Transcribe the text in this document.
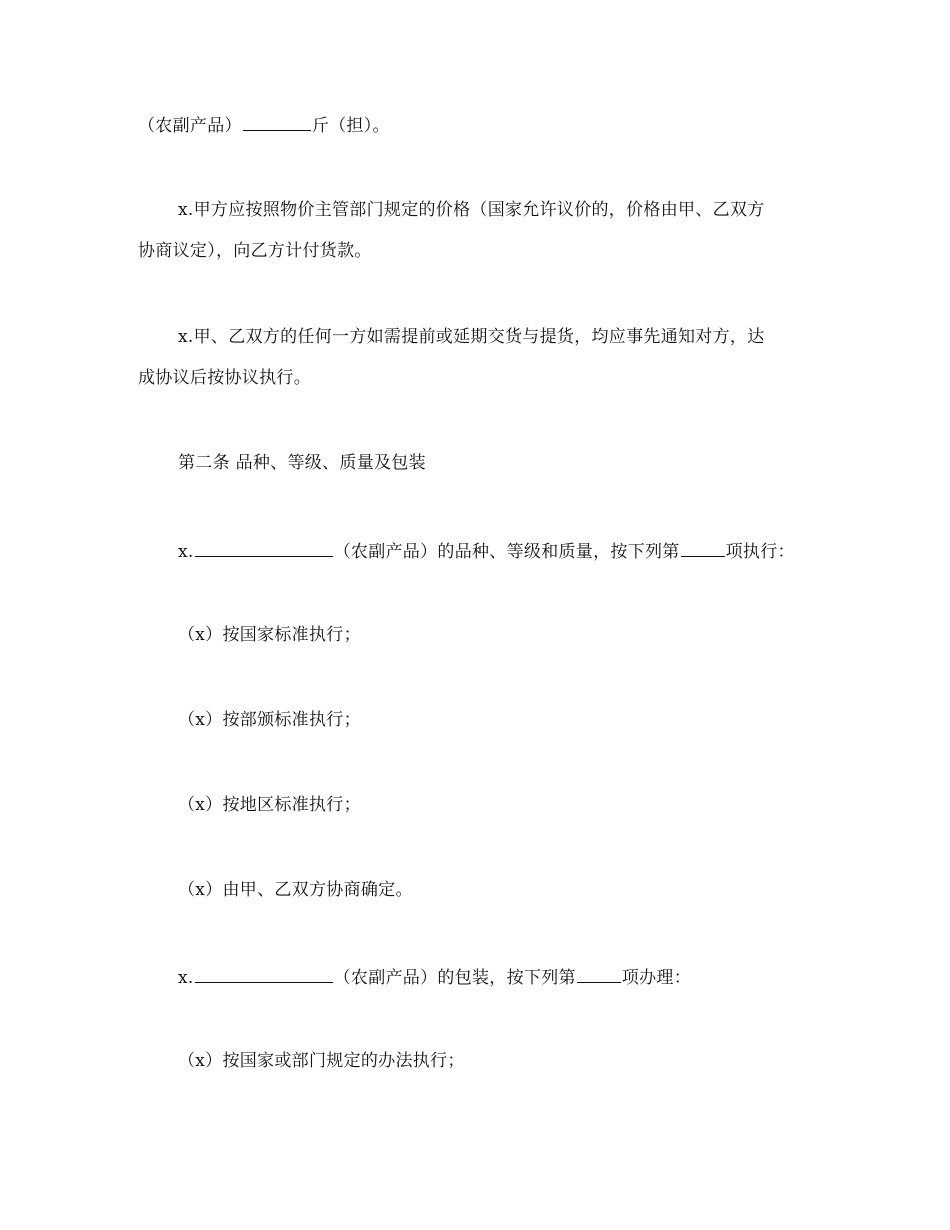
（农副产品）	斤（担）。
x.甲方应按照物价主管部门规定的价格（国家允许议价的，价格由甲、乙双方
协商议定），向乙方计付货款。
x.甲、乙双方的任何一方如需提前或延期交货与提货，均应事先通知对方，达
成协议后按协议执行。
第二条 品种、等级、质量及包装
x.	（农副产品）的品种、等级和质量，按下列第	项执行：
（x）按国家标准执行；
（x）按部颁标准执行；
（x）按地区标准执行；
（x）由甲、乙双方协商确定。
x.	（农副产品）的包装，按下列第	项办理：
（x）按国家或部门规定的办法执行；
